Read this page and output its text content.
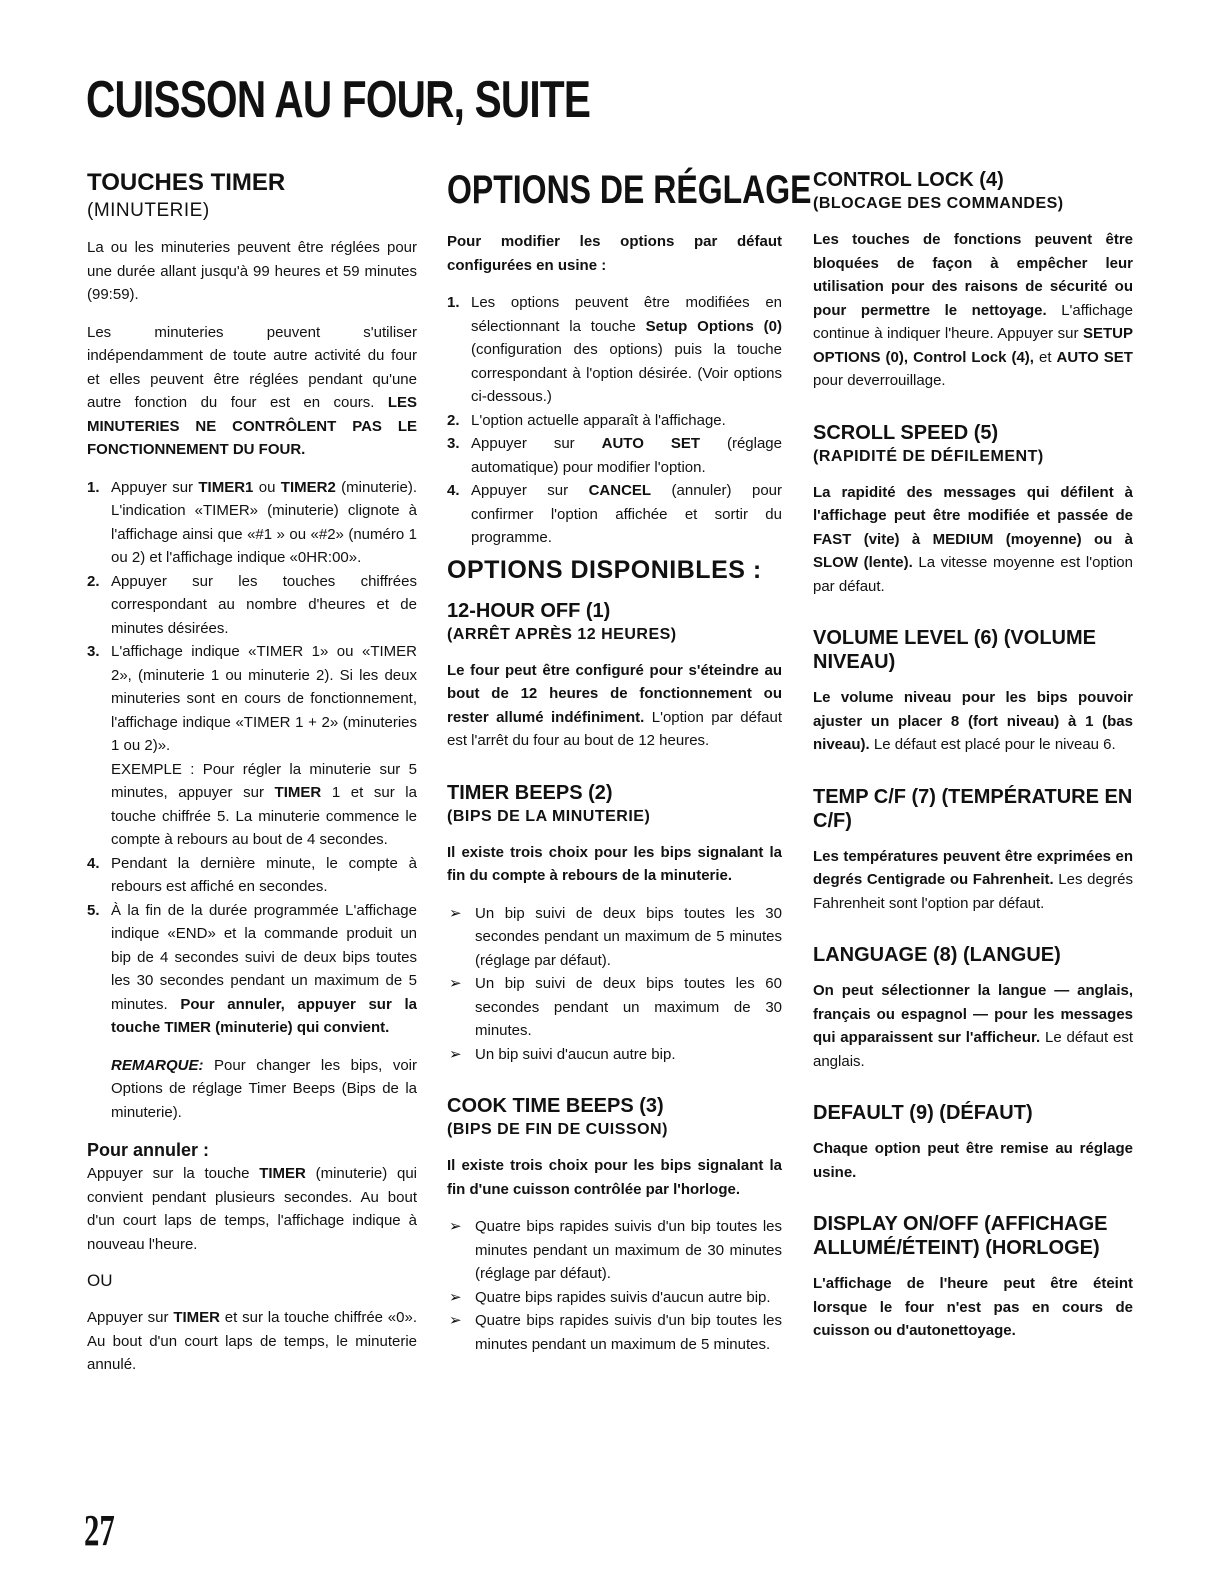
CUISSON AU FOUR, SUITE
TOUCHES TIMER
(MINUTERIE)

La ou les minuteries peuvent être réglées pour une durée allant jusqu'à 99 heures et 59 minutes (99:59).

Les minuteries peuvent s'utiliser indépendamment de toute autre activité du four et elles peuvent être réglées pendant qu'une autre fonction du four est en cours. LES MINUTERIES NE CONTRÔLENT PAS LE FONCTIONNEMENT DU FOUR.

1. Appuyer sur TIMER1 ou TIMER2 (minuterie). L'indication «TIMER» (minuterie) clignote à l'affichage ainsi que «#1 » ou «#2» (numéro 1 ou 2) et l'affichage indique «0HR:00».
2. Appuyer sur les touches chiffrées correspondant au nombre d'heures et de minutes désirées.
3. L'affichage indique «TIMER 1» ou «TIMER 2», (minuterie 1 ou minuterie 2). Si les deux minuteries sont en cours de fonctionnement, l'affichage indique «TIMER 1 + 2» (minuteries 1 ou 2)».
EXEMPLE : Pour régler la minuterie sur 5 minutes, appuyer sur TIMER 1 et sur la touche chiffrée 5. La minuterie commence le compte à rebours au bout de 4 secondes.
4. Pendant la dernière minute, le compte à rebours est affiché en secondes.
5. À la fin de la durée programmée L'affichage indique «END» et la commande produit un bip de 4 secondes suivi de deux bips toutes les 30 secondes pendant un maximum de 5 minutes. Pour annuler, appuyer sur la touche TIMER (minuterie) qui convient.

REMARQUE: Pour changer les bips, voir Options de réglage Timer Beeps (Bips de la minuterie).

Pour annuler :

Appuyer sur la touche TIMER (minuterie) qui convient pendant plusieurs secondes. Au bout d'un court laps de temps, l'affichage indique à nouveau l'heure.

OU

Appuyer sur TIMER et sur la touche chiffrée «0». Au bout d'un court laps de temps, le minuterie annulé.

OPTIONS DE RÉGLAGE

Pour modifier les options par défaut configurées en usine :

1. Les options peuvent être modifiées en sélectionnant la touche Setup Options (0) (configuration des options) puis la touche correspondant à l'option désirée. (Voir options ci-dessous.)
2. L'option actuelle apparaît à l'affichage.
3. Appuyer sur AUTO SET (réglage automatique) pour modifier l'option.
4. Appuyer sur CANCEL (annuler) pour confirmer l'option affichée et sortir du programme.
OPTIONS DISPONIBLES :
12-HOUR OFF (1)
(ARRÊT APRÈS 12 HEURES)

Le four peut être configuré pour s'éteindre au bout de 12 heures de fonctionnement ou rester allumé indéfiniment. L'option par défaut est l'arrêt du four au bout de 12 heures.

TIMER BEEPS (2)
(BIPS DE LA MINUTERIE)

Il existe trois choix pour les bips signalant la fin du compte à rebours de la minuterie.

➢ Un bip suivi de deux bips toutes les 30 secondes pendant un maximum de 5 minutes (réglage par défaut).
➢ Un bip suivi de deux bips toutes les 60 secondes pendant un maximum de 30 minutes.
➢ Un bip suivi d'aucun autre bip.
COOK TIME BEEPS (3)
(BIPS DE FIN DE CUISSON)

Il existe trois choix pour les bips signalant la fin d'une cuisson contrôlée par l'horloge.

➢ Quatre bips rapides suivis d'un bip toutes les minutes pendant un maximum de 30 minutes (réglage par défaut).
➢ Quatre bips rapides suivis d'aucun autre bip.
➢ Quatre bips rapides suivis d'un bip toutes les minutes pendant un maximum de 5 minutes.
CONTROL LOCK (4)
(BLOCAGE DES COMMANDES)

Les touches de fonctions peuvent être bloquées de façon à empêcher leur utilisation pour des raisons de sécurité ou pour permettre le nettoyage. L'affichage continue à indiquer l'heure. Appuyer sur SETUP OPTIONS (0), Control Lock (4), et AUTO SET pour deverrouillage.

SCROLL SPEED (5)
(RAPIDITÉ DE DÉFILEMENT)

La rapidité des messages qui défilent à l'affichage peut être modifiée et passée de FAST (vite) à MEDIUM (moyenne) ou à SLOW (lente). La vitesse moyenne est l'option par défaut.

VOLUME LEVEL (6) (VOLUME NIVEAU)

Le volume niveau pour les bips pouvoir ajuster un placer 8 (fort niveau) à 1 (bas niveau). Le défaut est placé pour le niveau 6.

TEMP C/F (7) (TEMPÉRATURE EN C/F)

Les températures peuvent être exprimées en degrés Centigrade ou Fahrenheit. Les degrés Fahrenheit sont l'option par défaut.

LANGUAGE (8) (LANGUE)

On peut sélectionner la langue — anglais, français ou espagnol — pour les messages qui apparaissent sur l'afficheur. Le défaut est anglais.

DEFAULT (9) (DÉFAUT)

Chaque option peut être remise au réglage usine.

DISPLAY ON/OFF (AFFICHAGE ALLUMÉ/ÉTEINT) (HORLOGE)

L'affichage de l'heure peut être éteint lorsque le four n'est pas en cours de cuisson ou d'autonettoyage.

27
